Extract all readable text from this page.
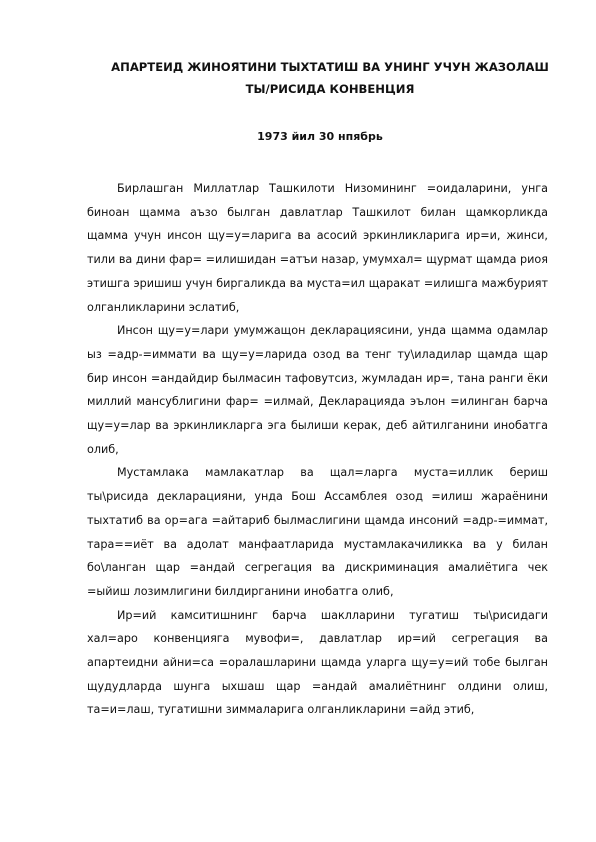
АПАРТЕИД ЖИНОЯТИНИ ТЫХТАТИШ ВА УНИНГ УЧУН ЖАЗОЛАШ
ТЫ/РИСИДА КОНВЕНЦИЯ
1973 йил 30 нпябрь

Бирлашган Миллатлар Ташкилоти Низомининг =оидаларини, унга биноан щамма аъзо былган давлатлар Ташкилот билан щамкорликда щамма учун инсон щу=у=ларига ва асосий эркинликларига ир=и, жинси, тили ва дини фар= =илишидан =атъи назар, умумхал= щурмат щамда риоя этишга эришиш учун биргаликда ва муста=ил щаракат =илишга мажбурият олганликларини эслатиб,

Инсон щу=у=лари умумжащон декларациясини, унда щамма одамлар ыз =адр-=иммати ва щу=у=ларида озод ва тенг ту\иладилар щамда щар бир инсон =андайдир былмасин тафовутсиз, жумладан ир=, тана ранги ёки миллий мансублигини фар= =илмай, Декларацияда эълон =илинган барча щу=у=лар ва эркинликларга эга былиши керак, деб айтилганини инобатга олиб,

Мустамлака мамлакатлар ва щал=ларга муста=иллик бериш ты\рисида декларацияни, унда Бош Ассамблея озод =илиш жараёнини тыхтатиб ва ор=ага =айтариб былмаслигини щамда инсоний =адр-=иммат, тара==иёт ва адолат манфаатларида мустамлакачиликка ва у билан бо\ланган щар =андай сегрегация ва дискриминация амалиётига чек =ыйиш лозимлигини билдирганини инобатга олиб,

Ир=ий камситишнинг барча шаклларини тугатиш ты\рисидаги хал=аро конвенцияга мувофи=, давлатлар ир=ий сегрегация ва апартеидни айни=са =оралашларини щамда уларга щу=у=ий тобе былган щудудларда шунга ыхшаш щар =андай амалиётнинг олдини олиш, та=и=лаш, тугатишни зиммаларига олганликларини =айд этиб,
